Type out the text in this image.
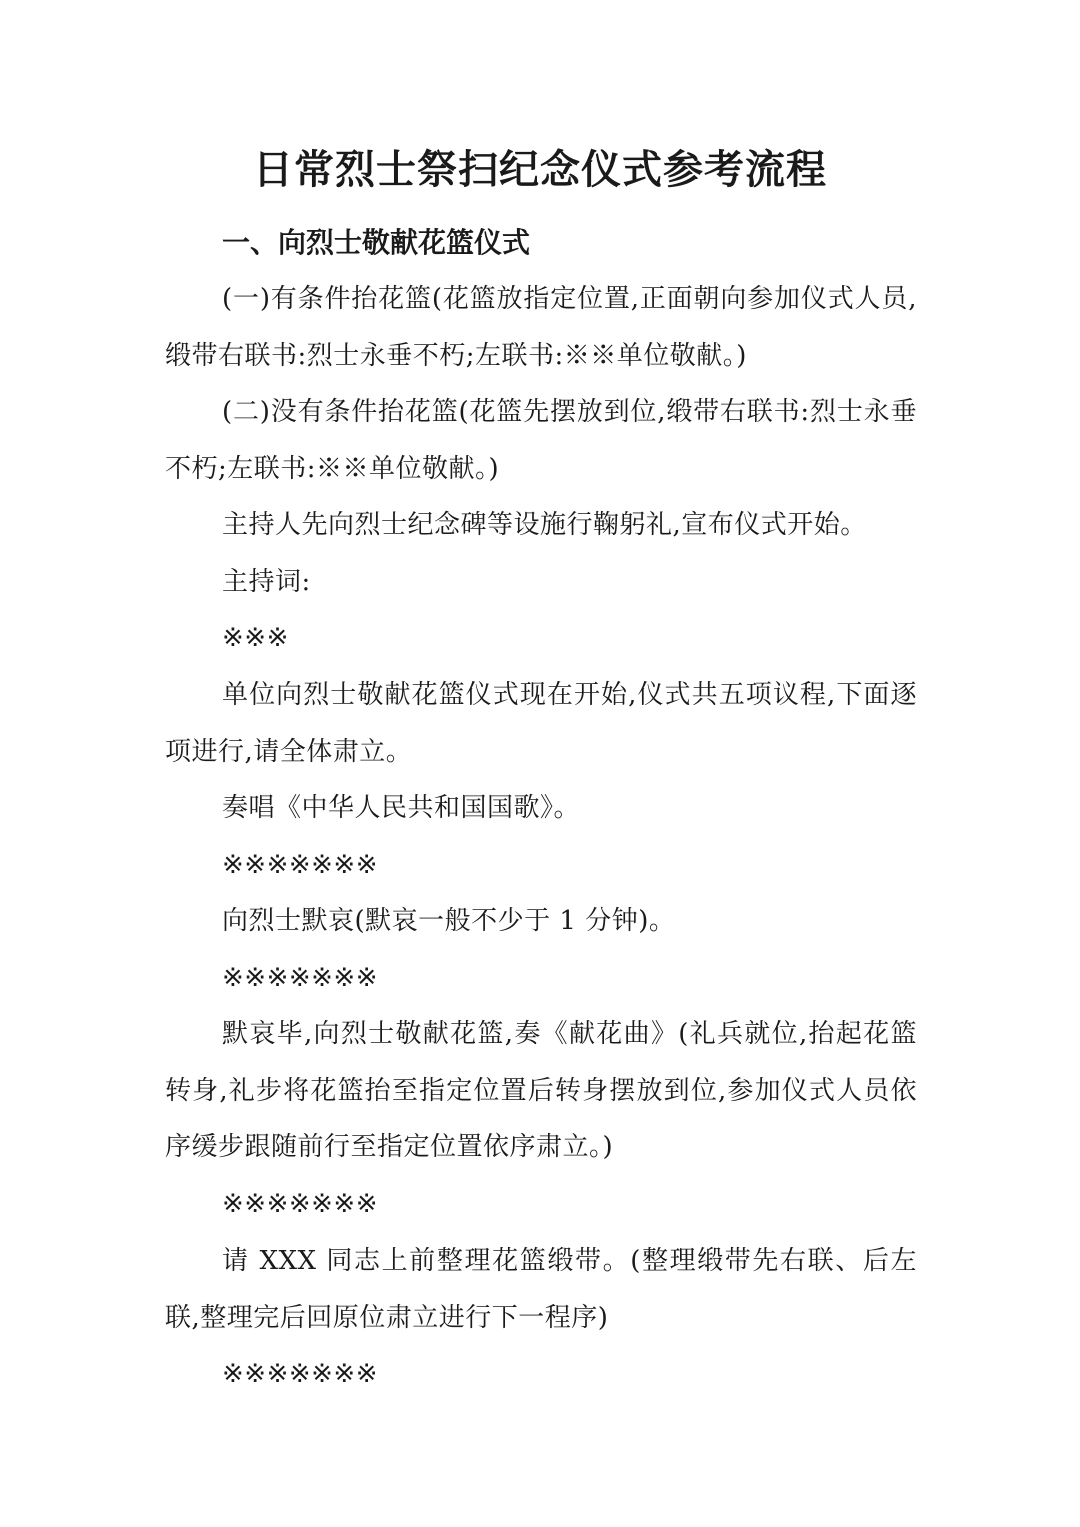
日常烈士祭扫纪念仪式参考流程
一、向烈士敬献花篮仪式

(一)有条件抬花篮(花篮放指定位置,正面朝向参加仪式人员,缎带右联书:烈士永垂不朽;左联书:※※单位敬献。)

(二)没有条件抬花篮(花篮先摆放到位,缎带右联书:烈士永垂不朽;左联书:※※单位敬献。)

主持人先向烈士纪念碑等设施行鞠躬礼,宣布仪式开始。

主持词:

※※※

单位向烈士敬献花篮仪式现在开始,仪式共五项议程,下面逐项进行,请全体肃立。

奏唱《中华人民共和国国歌》。

※※※※※※※

向烈士默哀(默哀一般不少于 1 分钟)。

※※※※※※※

默哀毕,向烈士敬献花篮,奏《献花曲》(礼兵就位,抬起花篮转身,礼步将花篮抬至指定位置后转身摆放到位,参加仪式人员依序缓步跟随前行至指定位置依序肃立。)

※※※※※※※

请 XXX 同志上前整理花篮缎带。(整理缎带先右联、后左联,整理完后回原位肃立进行下一程序)

※※※※※※※
